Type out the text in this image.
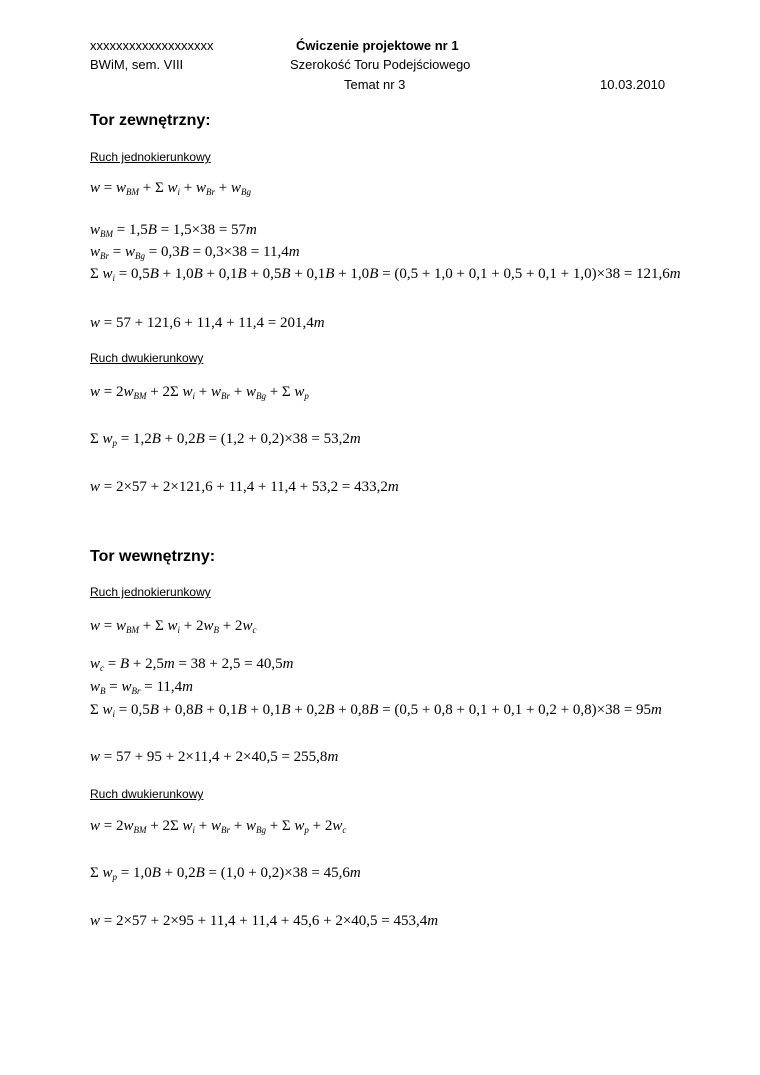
xxxxxxxxxxxxxxxxxxx	Ćwiczenie projektowe nr 1
BWiM, sem. VIII	Szerokość Toru Podejściowego
Temat nr 3	10.03.2010
Tor zewnętrzny:
Ruch jednokierunkowy
$w = w_{BM} + \Sigma$ $w_i + w_{Br} + w_{Bg}$
$w_{BM} = 1,5B = 1,5\times 38 = 57m$
$w_{Br} = w_{Bg} = 0,3B = 0,3\times 38 = 11,4m$
Σ $w_i = 0,5B + 1,0B + 0,1B + 0,5B + 0,1B + 1,0B = (0,5 + 1,0 + 0,1 + 0,5 + 0,1 + 1,0)\times 38 = 121,6m$
w = 57 + 121,6 + 11,4 + 11,4 = 201,4m
Ruch dwukierunkowy
$w = 2w_{BM} + 2\Sigma$ $w_i + w_{Br} + w_{Bg} + \Sigma$ $w_p$
Σ $w_p = 1,2B + 0,2B = (1,2 + 0,2)\times 38 = 53,2m$
w = 2×57 + 2×121,6 + 11,4 + 11,4 + 53,2 = 433,2m
Tor wewnętrzny:
Ruch jednokierunkowy
$w = w_{BM} + \Sigma$ $w_i + 2w_B + 2w_c$
$w_c = B + 2,5m = 38 + 2,5 = 40,5m$
$w_B = w_{Br} = 11,4m$
Σ $w_i = 0,5B + 0,8B + 0,1B + 0,1B + 0,2B + 0,8B = (0,5 + 0,8 + 0,1 + 0,1 + 0,2 + 0,8)\times 38 = 95m$
w = 57 + 95 + 2×11,4 + 2×40,5 = 255,8m
Ruch dwukierunkowy
$w = 2w_{BM} + 2\Sigma$ $w_i + w_{Br} + w_{Bg} + \Sigma$ $w_p + 2w_c$
Σ $w_p = 1,0B + 0,2B = (1,0 + 0,2)\times 38 = 45,6m$
w = 2×57 + 2×95 + 11,4 + 11,4 + 45,6 + 2×40,5 = 453,4m
